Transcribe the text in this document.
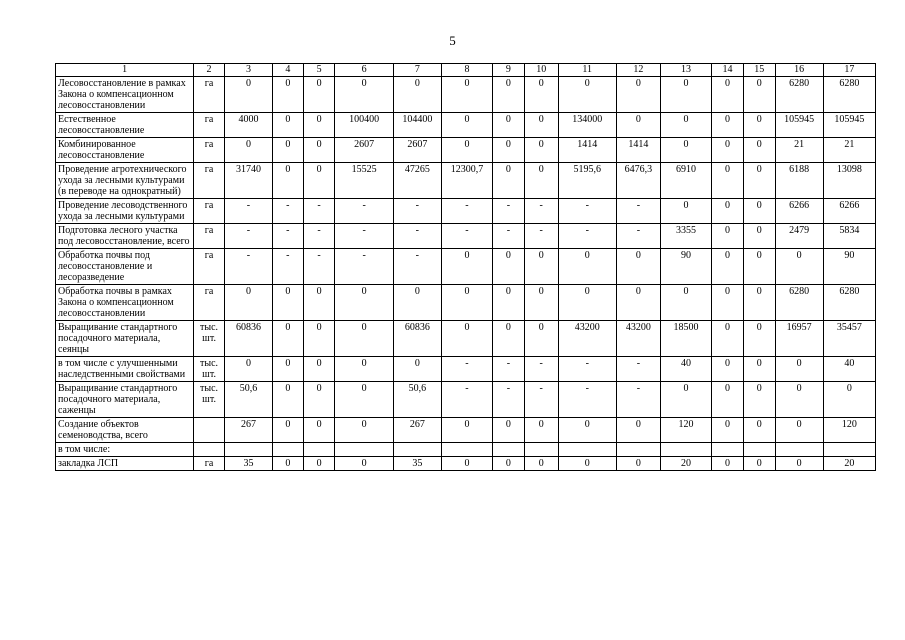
5
1	2	3	4	5	6	7	8	9	10	11	12	13	14	15	16	17
Лесовосстановление в рамках Закона о компенсационном лесовосстановлении	га	0	0	0	0	0	0	0	0	0	0	0	0	0	6280	6280
Естественное лесовосстановление	га	4000	0	0	100400	104400	0	0	0	134000	0	0	0	0	105945	105945
Комбинированное лесовосстановление	га	0	0	0	2607	2607	0	0	0	1414	1414	0	0	0	21	21
Проведение агротехнического ухода за лесными культурами (в переводе на однократный)	га	31740	0	0	15525	47265	12300,7	0	0	5195,6	6476,3	6910	0	0	6188	13098
Проведение лесоводственного ухода за лесными культурами	га	-	-	-	-	-	-	-	-	-	-	0	0	0	6266	6266
Подготовка лесного участка под лесовосстановление, всего	га	-	-	-	-	-	-	-	-	-	-	3355	0	0	2479	5834
Обработка почвы под лесовосстановление и лесоразведение	га	-	-	-	-	-	0	0	0	0	0	90	0	0	0	90
Обработка почвы в рамках Закона о компенсационном лесовосстановлении	га	0	0	0	0	0	0	0	0	0	0	0	0	0	6280	6280
Выращивание стандартного посадочного материала, сеянцы	тыс. шт.	60836	0	0	0	60836	0	0	0	43200	43200	18500	0	0	16957	35457
в том числе с улучшенными наследственными свойствами	тыс. шт.	0	0	0	0	0	-	-	-	-	-	40	0	0	0	40
Выращивание стандартного посадочного материала, саженцы	тыс. шт.	50,6	0	0	0	50,6	-	-	-	-	-	0	0	0	0	0
Создание объектов семеноводства, всего		267	0	0	0	267	0	0	0	0	0	120	0	0	0	120
в том числе:																
закладка ЛСП	га	35	0	0	0	35	0	0	0	0	0	20	0	0	0	20
